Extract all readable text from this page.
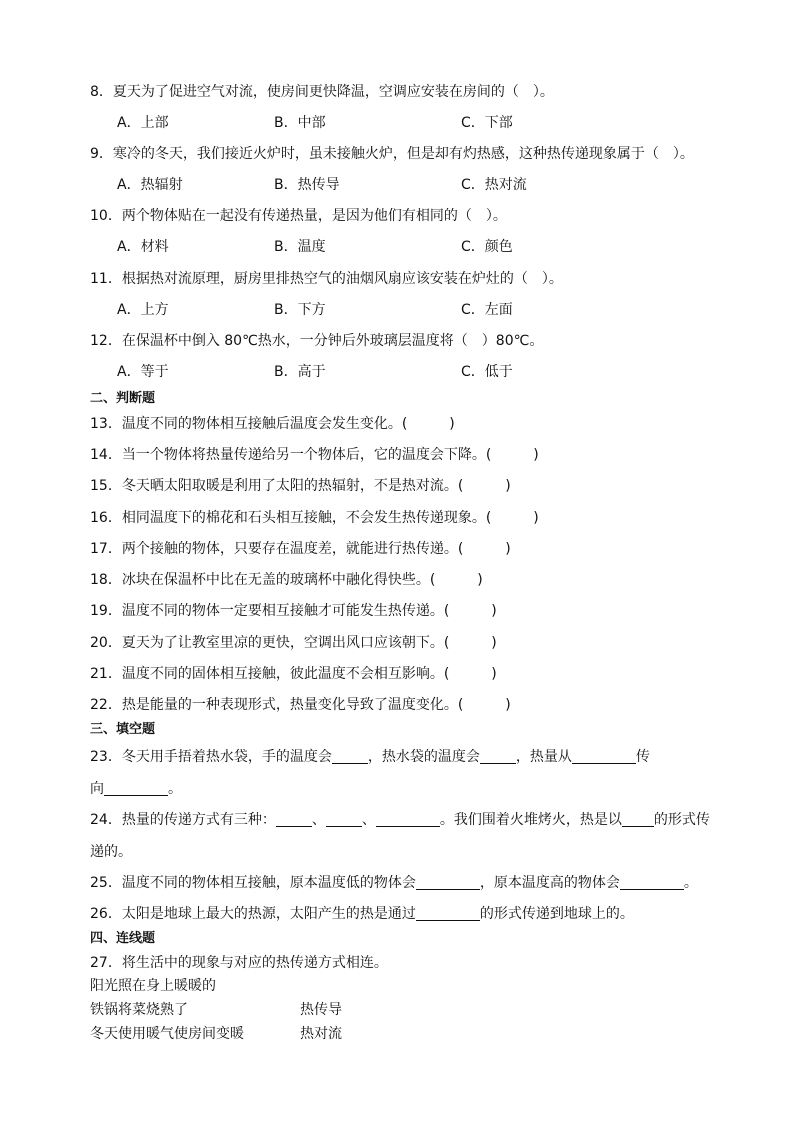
8．夏天为了促进空气对流，使房间更快降温，空调应安装在房间的（　）。
A．上部	B．中部	C．下部
9．寒冷的冬天，我们接近火炉时，虽未接触火炉，但是却有灼热感，这种热传递现象属于（　）。
A．热辐射	B．热传导	C．热对流
10．两个物体贴在一起没有传递热量，是因为他们有相同的（　）。
A．材料	B．温度	C．颜色
11．根据热对流原理，厨房里排热空气的油烟风扇应该安装在炉灶的（　）。
A．上方	B．下方	C．左面
12．在保温杯中倒入 80℃热水，一分钟后外玻璃层温度将（　）80℃。
A．等于	B．高于	C．低于
二、判断题
13．温度不同的物体相互接触后温度会发生变化。(　　　)
14．当一个物体将热量传递给另一个物体后，它的温度会下降。(　　　)
15．冬天晒太阳取暖是利用了太阳的热辐射，不是热对流。(　　　)
16．相同温度下的棉花和石头相互接触，不会发生热传递现象。(　　　)
17．两个接触的物体，只要存在温度差，就能进行热传递。(　　　)
18．冰块在保温杯中比在无盖的玻璃杯中融化得快些。(　　　)
19．温度不同的物体一定要相互接触才可能发生热传递。(　　　)
20．夏天为了让教室里凉的更快，空调出风口应该朝下。(　　　)
21．温度不同的固体相互接触，彼此温度不会相互影响。(　　　)
22．热是能量的一种表现形式，热量变化导致了温度变化。(　　　)
三、填空题
23．冬天用手捂着热水袋，手的温度会	，热水袋的温度会	，热量从	传
向	。
24．热量的传递方式有三种：	、	、	。我们围着火堆烤火，热是以 的形式传
递的。
25．温度不同的物体相互接触，原本温度低的物体会	，原本温度高的物体会	。
26．太阳是地球上最大的热源，太阳产生的热是通过	的形式传递到地球上的。
四、连线题
27．将生活中的现象与对应的热传递方式相连。
阳光照在身上暖暖的
铁锅将菜烧熟了
冬天使用暖气使房间变暖
热传导
热对流
